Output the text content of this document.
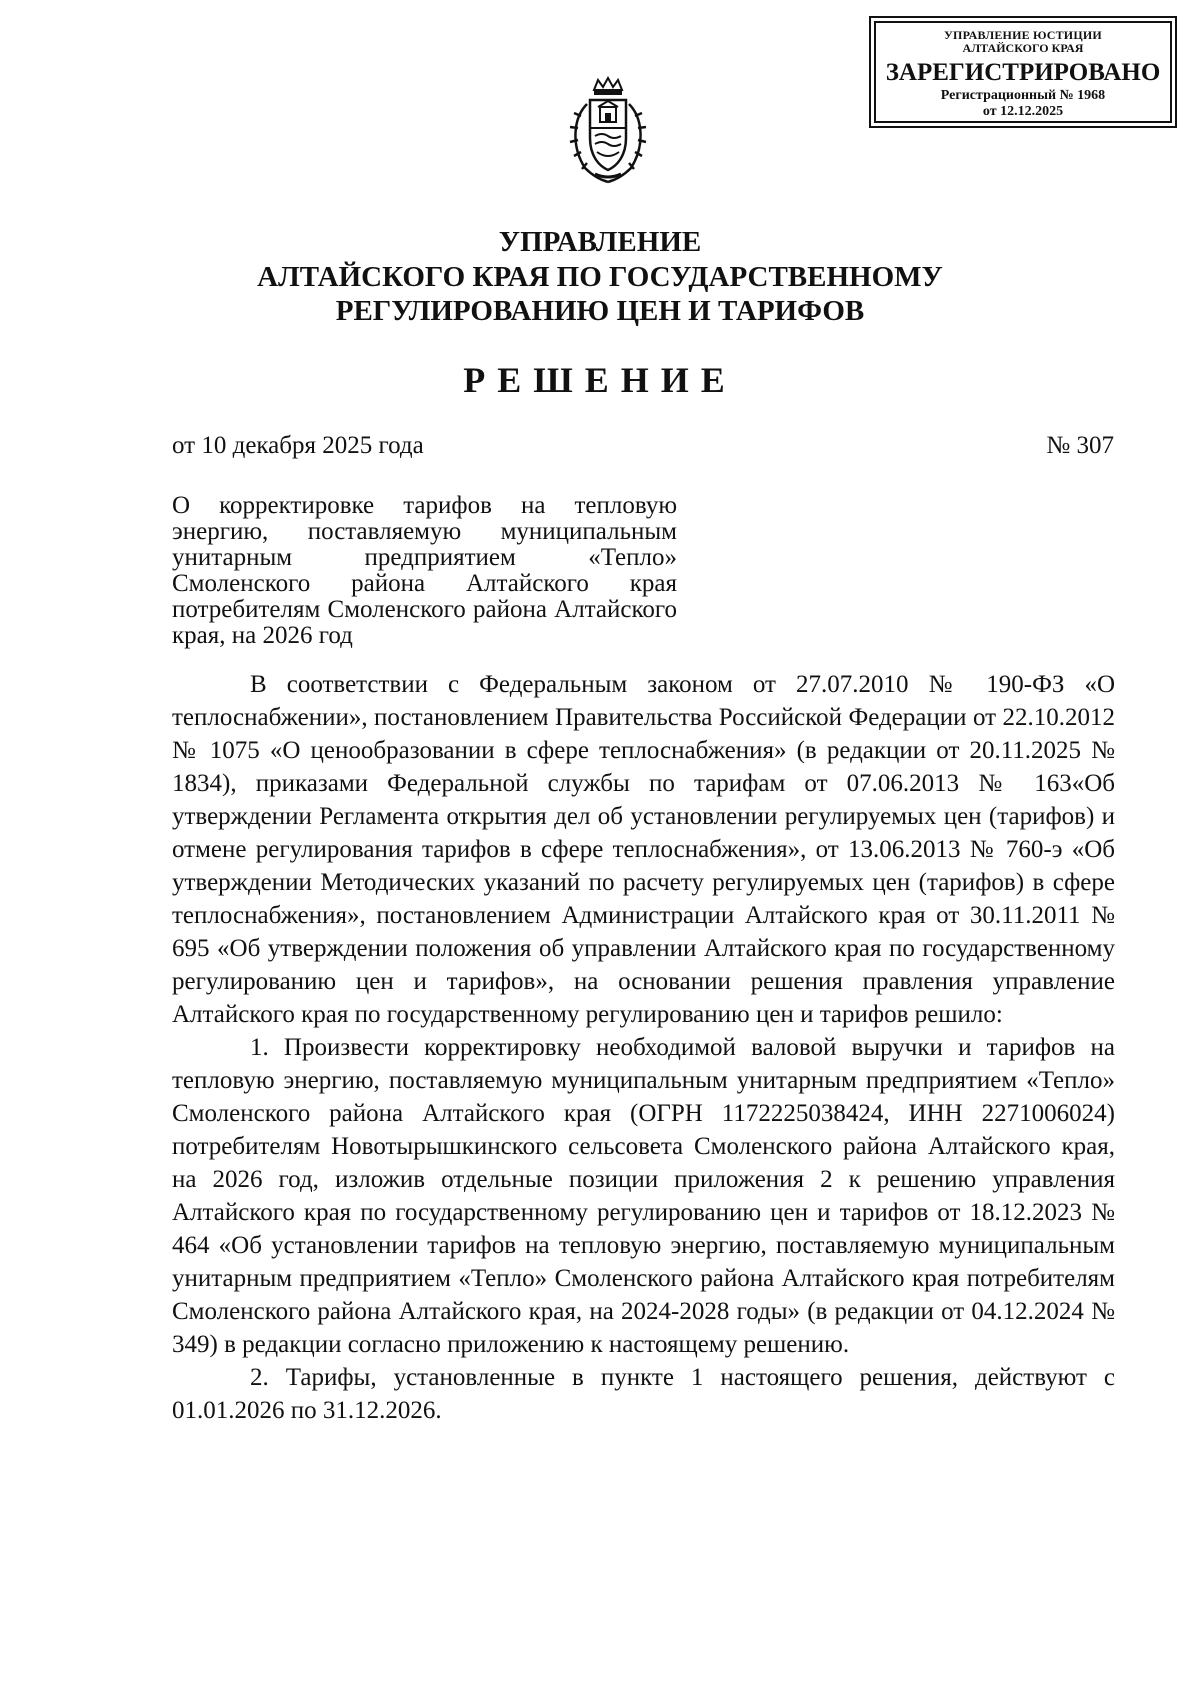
УПРАВЛЕНИЕ ЮСТИЦИИ
АЛТАЙСКОГО КРАЯ
ЗАРЕГИСТРИРОВАНО
Регистрационный № 1968
от 12.12.2025
УПРАВЛЕНИЕ
АЛТАЙСКОГО КРАЯ ПО ГОСУДАРСТВЕННОМУ
РЕГУЛИРОВАНИЮ ЦЕН И ТАРИФОВ
РЕШЕНИЕ
от 10 декабря 2025 года	№ 307
О корректировке тарифов на тепловую энергию, поставляемую муниципальным унитарным предприятием «Тепло» Смоленского района Алтайского края потребителям Смоленского района Алтайского края, на 2026 год

В соответствии с Федеральным законом от 27.07.2010 № 190-ФЗ «О теплоснабжении», постановлением Правительства Российской Федерации от 22.10.2012 № 1075 «О ценообразовании в сфере теплоснабжения» (в редакции от 20.11.2025 № 1834), приказами Федеральной службы по тарифам от 07.06.2013 № 163«Об утверждении Регламента открытия дел об установлении регулируемых цен (тарифов) и отмене регулирования тарифов в сфере теплоснабжения», от 13.06.2013 № 760-э «Об утверждении Методических указаний по расчету регулируемых цен (тарифов) в сфере теплоснабжения», постановлением Администрации Алтайского края от 30.11.2011 № 695 «Об утверждении положения об управлении Алтайского края по государственному регулированию цен и тарифов», на основании решения правления управление Алтайского края по государственному регулированию цен и тарифов решило:

1. Произвести корректировку необходимой валовой выручки и тарифов на тепловую энергию, поставляемую муниципальным унитарным предприятием «Тепло» Смоленского района Алтайского края (ОГРН 1172225038424, ИНН 2271006024) потребителям Новотырышкинского сельсовета Смоленского района Алтайского края, на 2026 год, изложив отдельные позиции приложения 2 к решению управления Алтайского края по государственному регулированию цен и тарифов от 18.12.2023 № 464 «Об установлении тарифов на тепловую энергию, поставляемую муниципальным унитарным предприятием «Тепло» Смоленского района Алтайского края потребителям Смоленского района Алтайского края, на 2024-2028 годы» (в редакции от 04.12.2024 № 349) в редакции согласно приложению к настоящему решению.

2. Тарифы, установленные в пункте 1 настоящего решения, действуют с 01.01.2026 по 31.12.2026.
